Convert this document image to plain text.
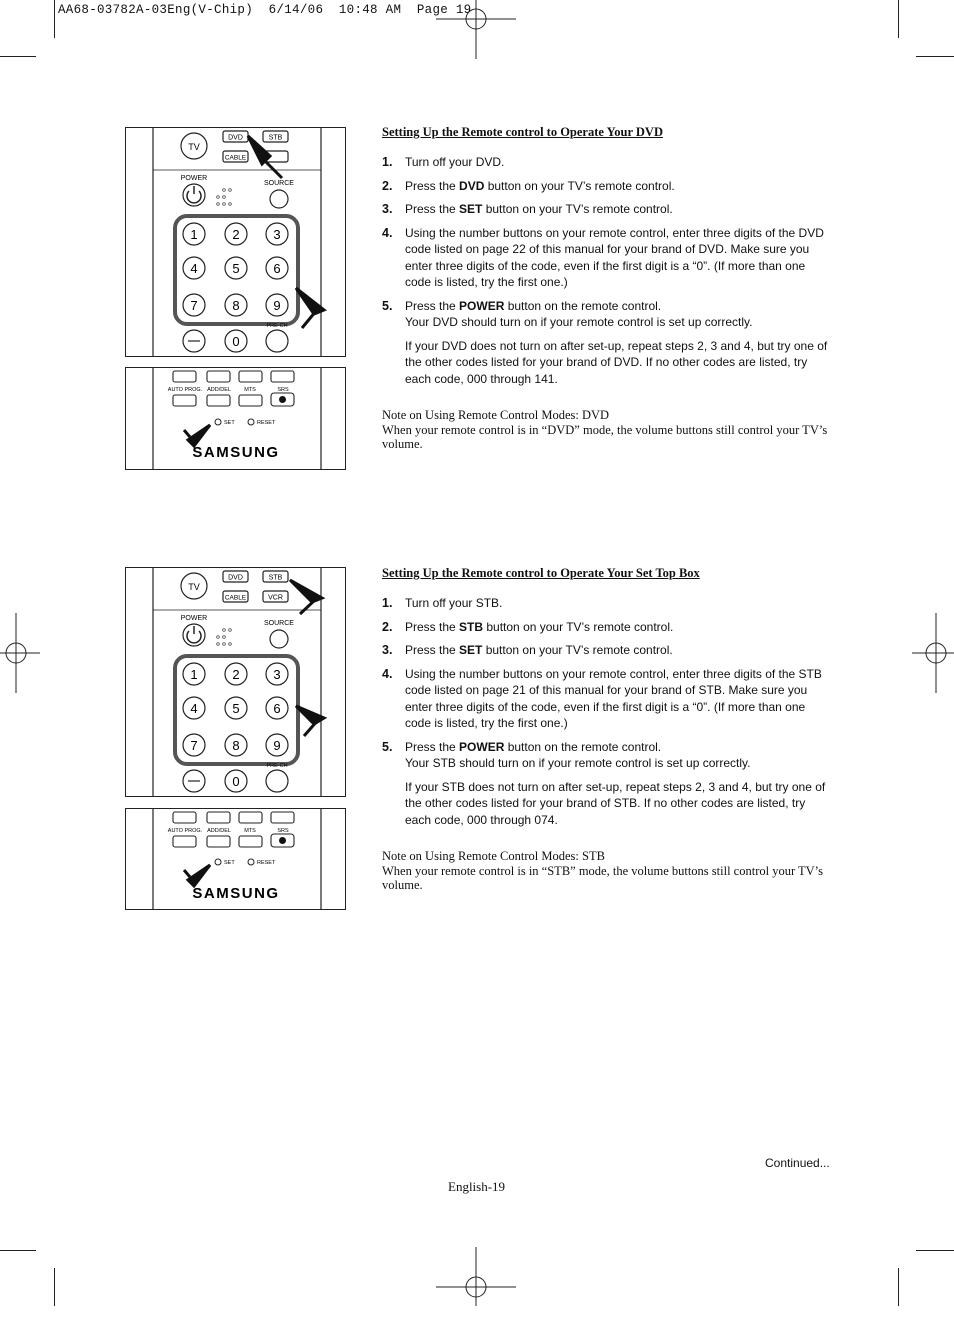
AA68-03782A-03Eng(V-Chip)  6/14/06  10:48 AM  Page 19
TV
DVD	STB
CABLE
POWER
SOURCE
1	2	3
4	5	6
7	8	9
0
PRE-CH
AUTO PROG. ADD/DEL MTS	SRS
SET	RESET
SAMSUNG
Setting Up the Remote control to Operate Your DVD
1. Turn off your DVD.
2. Press the DVD button on your TV’s remote control.
3. Press the SET button on your TV’s remote control.
4. Using the number buttons on your remote control, enter three digits of the DVD code listed on page 22 of this manual for your brand of DVD. Make sure you enter three digits of the code, even if the first digit is a “0”. (If more than one code is listed, try the first one.)
5. Press the POWER button on the remote control.
Your DVD should turn on if your remote control is set up correctly.
If your DVD does not turn on after set-up, repeat steps 2, 3 and 4, but try one of the other codes listed for your brand of DVD. If no other codes are listed, try each code, 000 through 141.
Note on Using Remote Control Modes: DVD
When your remote control is in “DVD” mode, the volume buttons still control your TV’s volume.
TV
DVD	STB
CABLE	VCR
POWER
SOURCE
1	2	3
4	5	6
7	8	9
0
PRE-CH
AUTO PROG. ADD/DEL MTS	SRS
SET	RESET
SAMSUNG
Setting Up the Remote control to Operate Your Set Top Box
1. Turn off your STB.
2. Press the STB button on your TV’s remote control.
3. Press the SET button on your TV’s remote control.
4. Using the number buttons on your remote control, enter three digits of the STB code listed on page 21 of this manual for your brand of STB. Make sure you enter three digits of the code, even if the first digit is a “0”. (If more than one code is listed, try the first one.)
5. Press the POWER button on the remote control.
Your STB should turn on if your remote control is set up correctly.
If your STB does not turn on after set-up, repeat steps 2, 3 and 4, but try one of the other codes listed for your brand of STB. If no other codes are listed, try each code, 000 through 074.
Note on Using Remote Control Modes: STB
When your remote control is in “STB” mode, the volume buttons still control your TV’s volume.
Continued...
English-19
